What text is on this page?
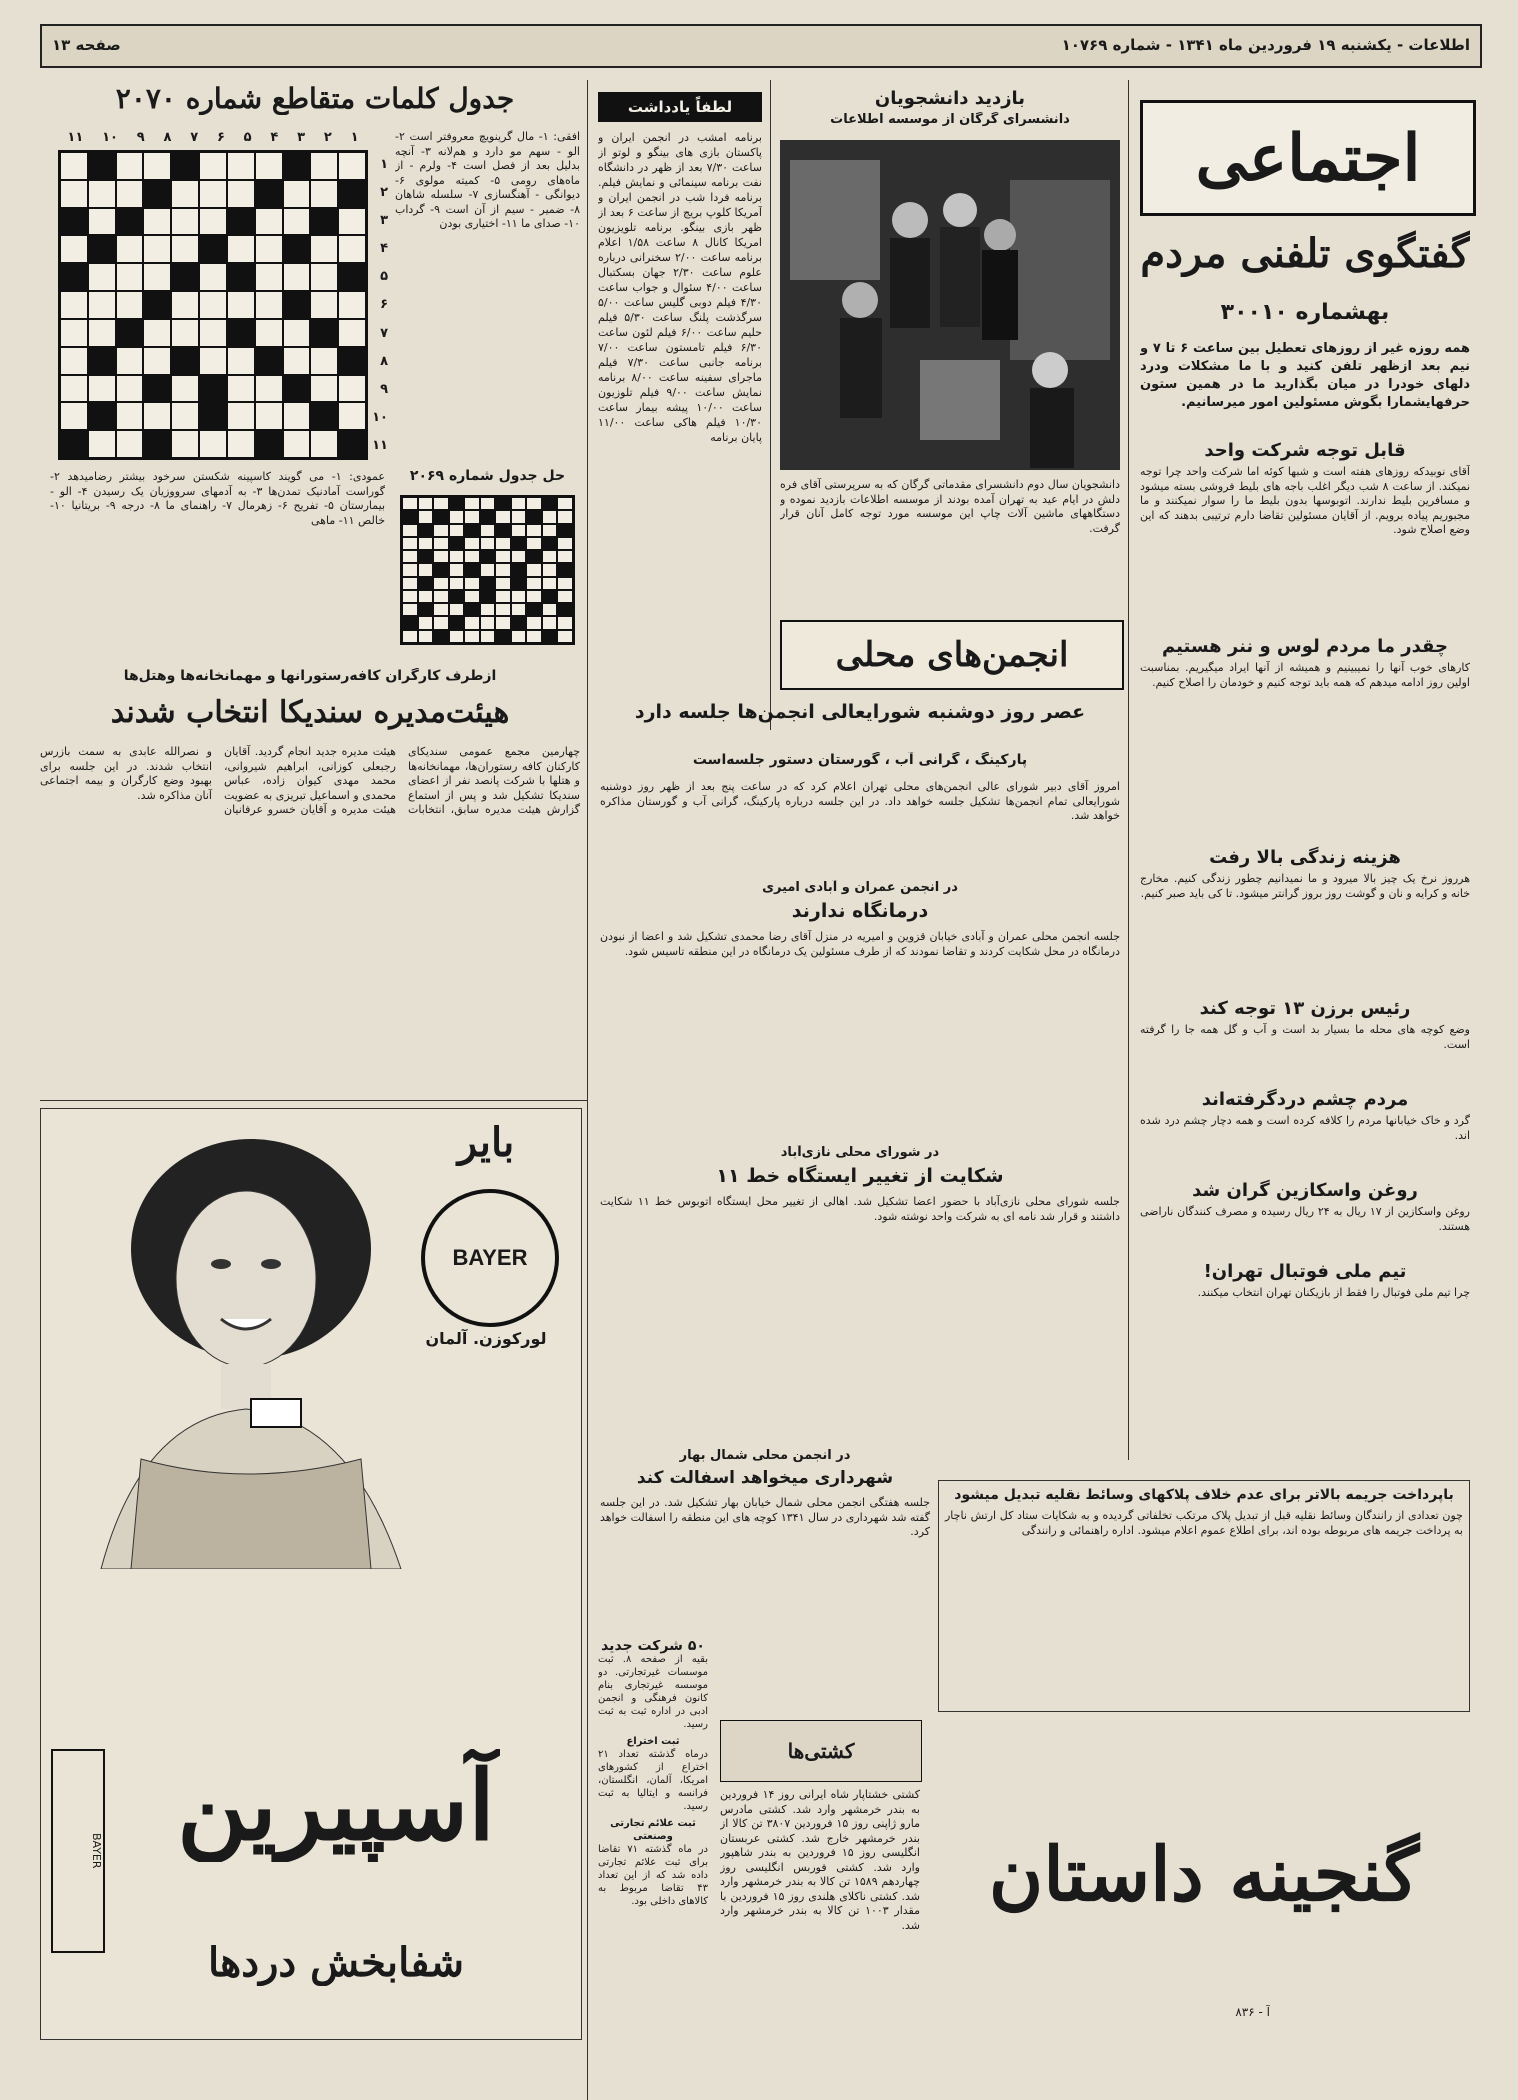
اطلاعات - یکشنبه ۱۹ فروردین ماه ۱۳۴۱ - شماره ۱۰۷۶۹
صفحه ۱۳
اجتماعی
گفتگوی تلفنی مردم
بهشماره ۳۰۰۱۰
همه روزه غیر از روزهای تعطیل بین ساعت ۶ تا ۷ و نیم بعد ازظهر تلفن کنید و با ما مشکلات ودرد دلهای خودرا در میان بگذارید ما در همین ستون حرفهایشمارا بگوش مسئولین امور میرسانیم.
قابل توجه شرکت واحد
آقای نوبیدکه روزهای هفته است و شبها کوئه اما شرکت واحد چرا توجه نمیکند. از ساعت ۸ شب دیگر اغلب باجه های بلیط فروشی بسته میشود و مسافرین بلیط ندارند. اتوبوسها بدون بلیط ما را سوار نمیکنند و ما مجبوریم پیاده برویم. از آقایان مسئولین تقاضا دارم ترتیبی بدهند که این وضع اصلاح شود.
چقدر ما مردم لوس و ننر هستیم
کارهای خوب آنها را نمیبینیم و همیشه از آنها ایراد میگیریم. بمناسبت اولین روز ادامه میدهم که همه باید توجه کنیم و خودمان را اصلاح کنیم.
هزینه زندگی بالا رفت
هرروز نرخ یک چیز بالا میرود و ما نمیدانیم چطور زندگی کنیم. مخارج خانه و کرایه و نان و گوشت روز بروز گرانتر میشود. تا کی باید صبر کنیم.
رئیس برزن ۱۳ توجه کند
وضع کوچه های محله ما بسیار بد است و آب و گل همه جا را گرفته است.
مردم چشم دردگرفته‌اند
گرد و خاک خیابانها مردم را کلافه کرده است و همه دچار چشم درد شده اند.
روغن واسکازین گران شد
روغن واسکازین از ۱۷ ریال به ۲۴ ریال رسیده و مصرف کنندگان ناراضی هستند.
تیم ملی فوتبال تهران!
چرا تیم ملی فوتبال را فقط از بازیکنان تهران انتخاب میکنند.
باپرداخت جریمه بالاتر برای عدم خلاف پلاکهای وسائط نقلیه تبدیل میشود
چون تعدادی از رانندگان وسائط نقلیه قبل از تبدیل پلاک مرتکب تخلفاتی گردیده و به شکایات ستاد کل ارتش ناچار به پرداخت جریمه های مربوطه بوده اند، برای اطلاع عموم اعلام میشود. اداره راهنمائی و رانندگی
بازدید دانشجویان
دانشسرای گرگان از موسسه اطلاعات
دانشجویان سال دوم دانشسرای مقدماتی گرگان که به سرپرستی آقای فره دلش در ایام عید به تهران آمده بودند از موسسه اطلاعات بازدید نموده و دستگاههای ماشین آلات چاپ این موسسه مورد توجه کامل آنان قرار گرفت.
لطفاً یادداشت
برنامه امشب در انجمن ایران و پاکستان بازی های بینگو و لوتو از ساعت ۷/۳۰ بعد از ظهر در دانشگاه نفت برنامه سینمائی و نمایش فیلم. برنامه فردا شب در انجمن ایران و آمریکا کلوپ بریج از ساعت ۶ بعد از ظهر بازی بینگو. برنامه تلویزیون امریکا کانال ۸ ساعت ۱/۵۸ اعلام برنامه ساعت ۲/۰۰ سخنرانی درباره علوم ساعت ۲/۳۰ جهان بسکتبال ساعت ۴/۰۰ سئوال و جواب ساعت ۴/۳۰ فیلم دوبی گلیس ساعت ۵/۰۰ سرگذشت پلنگ ساعت ۵/۳۰ فیلم حلیم ساعت ۶/۰۰ فیلم لئون ساعت ۶/۳۰ فیلم تامستون ساعت ۷/۰۰ برنامه جانبی ساعت ۷/۳۰ فیلم ماجرای سفینه ساعت ۸/۰۰ برنامه نمایش ساعت ۹/۰۰ فیلم تلوزیون ساعت ۱۰/۰۰ پیشه بیمار ساعت ۱۰/۳۰ فیلم هاکی ساعت ۱۱/۰۰ پایان برنامه
انجمن‌های محلی
عصر روز دوشنبه شورایعالی انجمن‌ها جلسه دارد
پارکینگ ، گرانی آب ، گورستان دستور جلسه‌است
امروز آقای دبیر شورای عالی انجمن‌های محلی تهران اعلام کرد که در ساعت پنج بعد از ظهر روز دوشنبه شورایعالی تمام انجمن‌ها تشکیل جلسه خواهد داد. در این جلسه درباره پارکینگ، گرانی آب و گورستان مذاکره خواهد شد.
در انجمن عمران و آبادی امیری
درمانگاه ندارند
جلسه انجمن محلی عمران و آبادی خیابان قزوین و امیریه در منزل آقای رضا محمدی تشکیل شد و اعضا از نبودن درمانگاه در محل شکایت کردند و تقاضا نمودند که از طرف مسئولین یک درمانگاه در این منطقه تاسیس شود.
در شورای محلی نازی‌آباد
شکایت از تغییر ایستگاه خط ۱۱
جلسه شورای محلی نازی‌آباد با حضور اعضا تشکیل شد. اهالی از تغییر محل ایستگاه اتوبوس خط ۱۱ شکایت داشتند و قرار شد نامه ای به شرکت واحد نوشته شود.
در انجمن محلی شمال بهار
شهرداری میخواهد اسفالت کند
جلسه هفتگی انجمن محلی شمال خیابان بهار تشکیل شد. در این جلسه گفته شد شهرداری در سال ۱۳۴۱ کوچه های این منطقه را اسفالت خواهد کرد.
جدول کلمات متقاطع شماره ۲۰۷۰
۱۱ ۱۰ ۹ ۸ ۷ ۶ ۵ ۴ ۳ ۲ ۱
۱
۲
۳
۴
۵
۶
۷
۸
۹
۱۰
۱۱
افقی: ۱- مال گرینویچ معروفتر است ۲- الو - سهم مو دارد و هم‌لانه ۳- آنچه بدلیل بعد از فصل است ۴- ولرم - از ماه‌های رومی ۵- کمیته مولوی ۶- دیوانگی - آهنگسازی ۷- سلسله شاهان ۸- ضمیر - سیم از آن است ۹- گرداب ۱۰- صدای ما ۱۱- اختیاری بودن
حل جدول شماره ۲۰۶۹
عمودی: ۱- می گویند کاسپینه شکستن سرخود بیشتر رضامیدهد ۲- گوراست آمادنیک تمدن‌ها ۳- به آدمهای سرووزیان یک رسیدن ۴- الو - بیمارستان ۵- تفریح ۶- زهرمال ۷- راهنمای ما ۸- درجه ۹- بریتانیا ۱۰- خالص ۱۱- ماهی
ازطرف کارگران کافه‌رستورانها و مهمانخانه‌ها وهتل‌ها
هیئت‌مدیره سندیکا انتخاب شدند
چهارمین مجمع عمومی سندیکای کارکنان کافه رستوران‌ها، مهمانخانه‌ها و هتلها با شرکت پانصد نفر از اعضای سندیکا تشکیل شد و پس از استماع گزارش هیئت مدیره سابق، انتخابات هیئت مدیره جدید انجام گردید. آقایان رجبعلی کوزانی، ابراهیم شیروانی، محمد مهدی کیوان زاده، عباس محمدی و اسماعیل تبریزی به عضویت هیئت مدیره و آقایان خسرو عرفانیان و نصرالله عابدی به سمت بازرس انتخاب شدند. در این جلسه برای بهبود وضع کارگران و بیمه اجتماعی آنان مذاکره شد.
بایر
BAYER
لورکوزن. آلمان
آسپیرین
شفابخش دردها
BAYER
کشتی‌ها
کشتی خشتاپار شاه ایرانی روز ۱۴ فروردین به بندر خرمشهر وارد شد. کشتی مادرس مارو ژاپنی روز ۱۵ فروردین ۳۸۰۷ تن کالا از بندر خرمشهر خارج شد. کشتی عربستان انگلیسی روز ۱۵ فروردین به بندر شاهپور وارد شد. کشتی فوربس انگلیسی روز چهاردهم ۱۵۸۹ تن کالا به بندر خرمشهر وارد شد. کشتی ناکلای هلندی روز ۱۵ فروردین با مقدار ۱۰۰۳ تن کالا به بندر خرمشهر وارد شد.
گنجینه داستان
آ - ۸۳۶
۵۰ شرکت جدید
بقیه از صفحه ۸. ثبت موسسات غیرتجارتی. دو موسسه غیرتجاری بنام کانون فرهنگی و انجمن ادبی در اداره ثبت به ثبت رسید.
ثبت اختراع
درماه گذشته تعداد ۲۱ اختراع از کشورهای امریکا، آلمان، انگلستان، فرانسه و ایتالیا به ثبت رسید.
ثبت علائم تجارتی وصنعتی
در ماه گذشته ۷۱ تقاضا برای ثبت علائم تجارتی داده شد که از این تعداد ۴۳ تقاضا مربوط به کالاهای داخلی بود.
